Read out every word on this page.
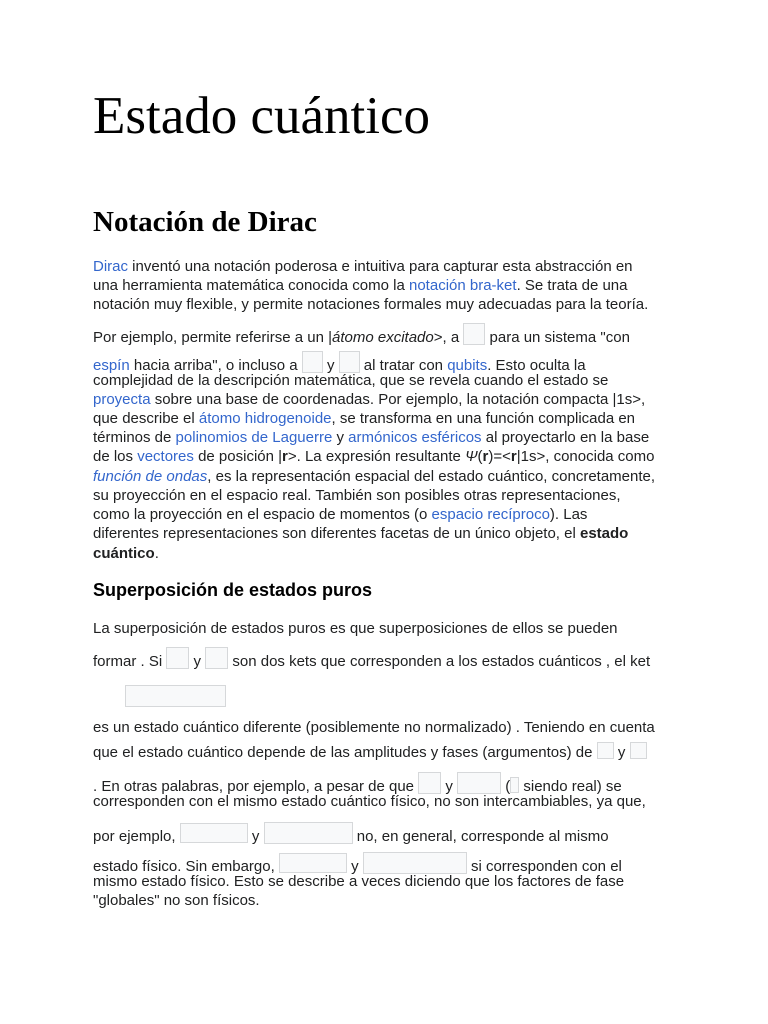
Estado cuántico
Notación de Dirac
Dirac inventó una notación poderosa e intuitiva para capturar esta abstracción en
una herramienta matemática conocida como la notación bra-ket. Se trata de una
notación muy flexible, y permite notaciones formales muy adecuadas para la teoría.
Por ejemplo, permite referirse a un |átomo excitado>, a  para un sistema "con
espín hacia arriba", o incluso a  y  al tratar con qubits. Esto oculta la
complejidad de la descripción matemática, que se revela cuando el estado se
proyecta sobre una base de coordenadas. Por ejemplo, la notación compacta |1s>,
que describe el átomo hidrogenoide, se transforma en una función complicada en
términos de polinomios de Laguerre y armónicos esféricos al proyectarlo en la base
de los vectores de posición |r>. La expresión resultante Ψ(r)=<r|1s>, conocida como
función de ondas, es la representación espacial del estado cuántico, concretamente,
su proyección en el espacio real. También son posibles otras representaciones,
como la proyección en el espacio de momentos (o espacio recíproco). Las
diferentes representaciones son diferentes facetas de un único objeto, el estado
cuántico.
Superposición de estados puros
La superposición de estados puros es que superposiciones de ellos se pueden
formar . Si  y  son dos kets que corresponden a los estados cuánticos , el ket
es un estado cuántico diferente (posiblemente no normalizado) . Teniendo en cuenta
que el estado cuántico depende de las amplitudes y fases (argumentos) de  y
. En otras palabras, por ejemplo, a pesar de que  y	( siendo real) se
corresponden con el mismo estado cuántico físico, no son intercambiables, ya que,
por ejemplo,	y	no, en general, corresponde al mismo
estado físico. Sin embargo,	y	si corresponden con el
mismo estado físico. Esto se describe a veces diciendo que los factores de fase
"globales" no son físicos.
